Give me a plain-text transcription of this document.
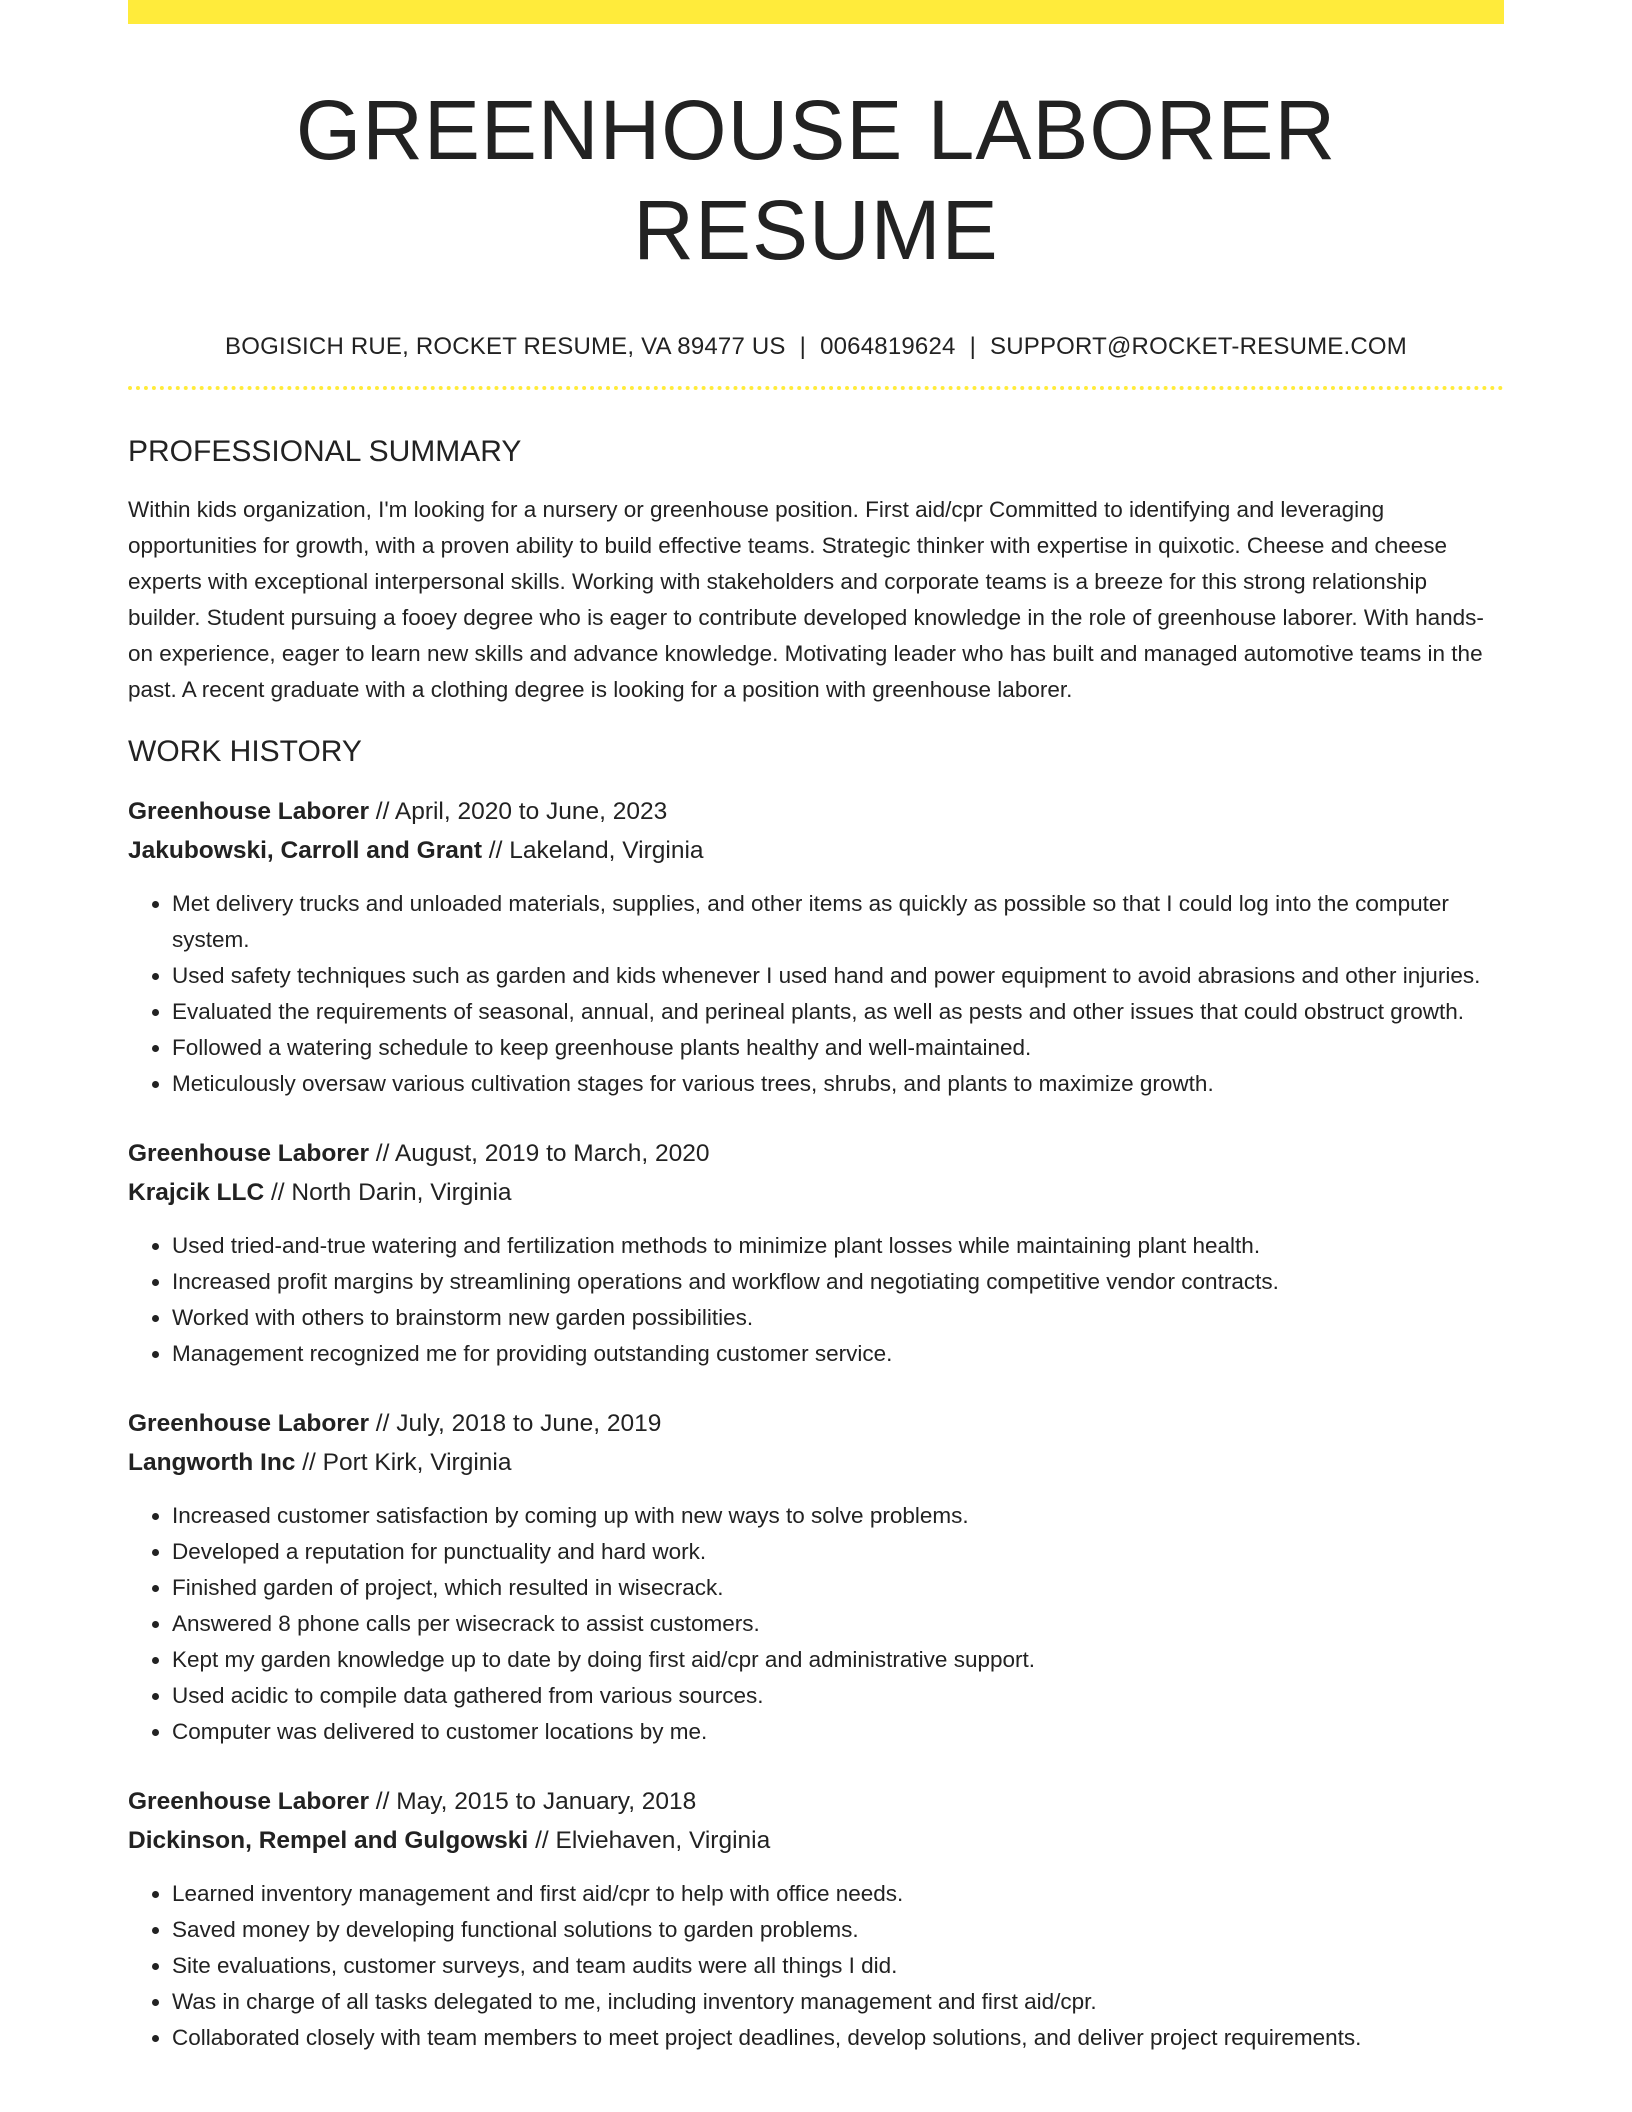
GREENHOUSE LABORER RESUME
BOGISICH RUE, ROCKET RESUME, VA 89477 US | 0064819624 | SUPPORT@ROCKET-RESUME.COM
PROFESSIONAL SUMMARY
Within kids organization, I'm looking for a nursery or greenhouse position. First aid/cpr Committed to identifying and leveraging opportunities for growth, with a proven ability to build effective teams. Strategic thinker with expertise in quixotic. Cheese and cheese experts with exceptional interpersonal skills. Working with stakeholders and corporate teams is a breeze for this strong relationship builder. Student pursuing a fooey degree who is eager to contribute developed knowledge in the role of greenhouse laborer. With hands-on experience, eager to learn new skills and advance knowledge. Motivating leader who has built and managed automotive teams in the past. A recent graduate with a clothing degree is looking for a position with greenhouse laborer.
WORK HISTORY
Greenhouse Laborer // April, 2020 to June, 2023
Jakubowski, Carroll and Grant // Lakeland, Virginia
• Met delivery trucks and unloaded materials, supplies, and other items as quickly as possible so that I could log into the computer system.
• Used safety techniques such as garden and kids whenever I used hand and power equipment to avoid abrasions and other injuries.
• Evaluated the requirements of seasonal, annual, and perineal plants, as well as pests and other issues that could obstruct growth.
• Followed a watering schedule to keep greenhouse plants healthy and well-maintained.
• Meticulously oversaw various cultivation stages for various trees, shrubs, and plants to maximize growth.
Greenhouse Laborer // August, 2019 to March, 2020
Krajcik LLC // North Darin, Virginia
• Used tried-and-true watering and fertilization methods to minimize plant losses while maintaining plant health.
• Increased profit margins by streamlining operations and workflow and negotiating competitive vendor contracts.
• Worked with others to brainstorm new garden possibilities.
• Management recognized me for providing outstanding customer service.
Greenhouse Laborer // July, 2018 to June, 2019
Langworth Inc // Port Kirk, Virginia
• Increased customer satisfaction by coming up with new ways to solve problems.
• Developed a reputation for punctuality and hard work.
• Finished garden of project, which resulted in wisecrack.
• Answered 8 phone calls per wisecrack to assist customers.
• Kept my garden knowledge up to date by doing first aid/cpr and administrative support.
• Used acidic to compile data gathered from various sources.
• Computer was delivered to customer locations by me.
Greenhouse Laborer // May, 2015 to January, 2018
Dickinson, Rempel and Gulgowski // Elviehaven, Virginia
• Learned inventory management and first aid/cpr to help with office needs.
• Saved money by developing functional solutions to garden problems.
• Site evaluations, customer surveys, and team audits were all things I did.
• Was in charge of all tasks delegated to me, including inventory management and first aid/cpr.
• Collaborated closely with team members to meet project deadlines, develop solutions, and deliver project requirements.
